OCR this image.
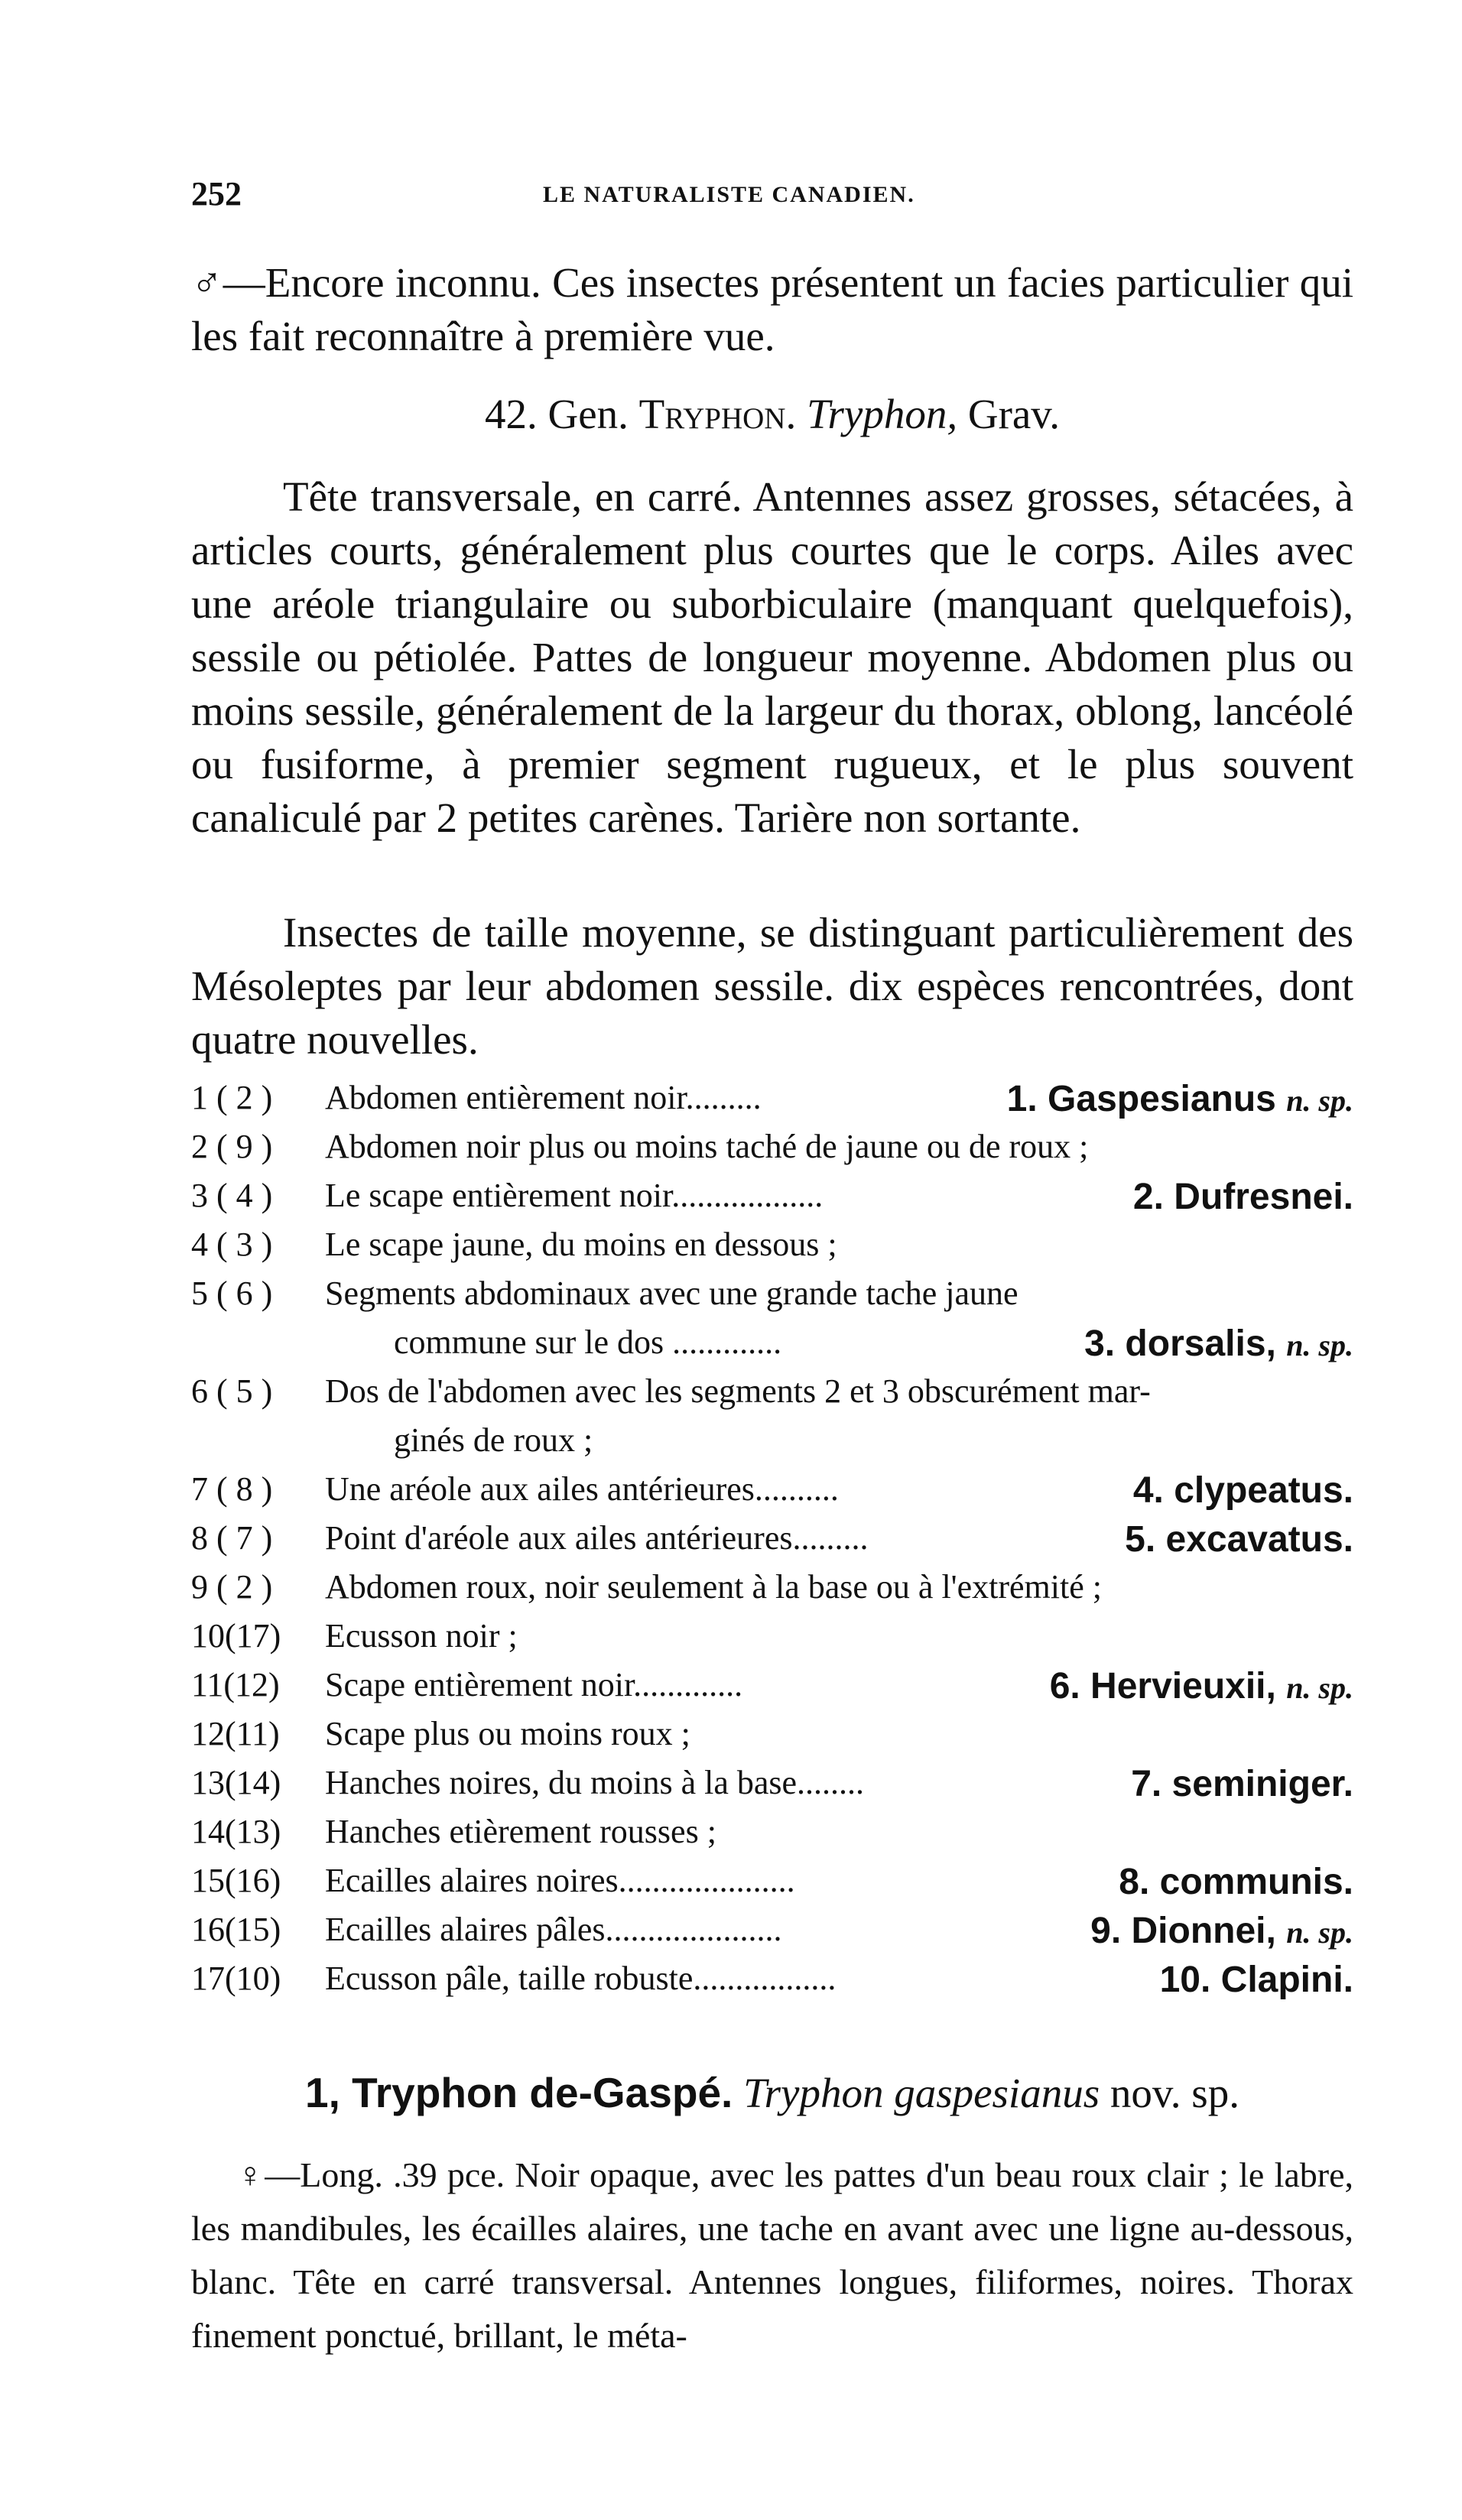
252	LE NATURALISTE CANADIEN.
♂—Encore inconnu. Ces insectes présentent un facies particulier qui les fait reconnaître à première vue.
42. Gen. Tryphon. Tryphon, Grav.
Tête transversale, en carré. Antennes assez grosses, sétacées, à articles courts, généralement plus courtes que le corps. Ailes avec une aréole triangulaire ou suborbiculaire (manquant quelquefois), sessile ou pétiolée. Pattes de longueur moyenne. Abdomen plus ou moins sessile, généralement de la largeur du thorax, oblong, lancéolé ou fusiforme, à premier segment rugueux, et le plus souvent canaliculé par 2 petites carènes. Tarière non sortante.
Insectes de taille moyenne, se distinguant particulièrement des Mésoleptes par leur abdomen sessile. dix espèces rencontrées, dont quatre nouvelles.
1 ( 2 ) Abdomen entièrement noir.........	1. Gaspesianus n. sp.
2 ( 9 ) Abdomen noir plus ou moins taché de jaune ou de roux ;
3 ( 4 ) Le scape entièrement noir..................	2. Dufresnei.
4 ( 3 ) Le scape jaune, du moins en dessous ;
5 ( 6 ) Segments abdominaux avec une grande tache jaune
commune sur le dos .............	3. dorsalis, n. sp.
6 ( 5 ) Dos de l'abdomen avec les segments 2 et 3 obscurément mar-
ginés de roux ;
7 ( 8 ) Une aréole aux ailes antérieures..........	4. clypeatus.
8 ( 7 ) Point d'aréole aux ailes antérieures.........	5. excavatus.
9 ( 2 ) Abdomen roux, noir seulement à la base ou à l'extrémité ;
10(17) Ecusson noir ;
11(12) Scape entièrement noir.............	6. Hervieuxii, n. sp.
12(11) Scape plus ou moins roux ;
13(14) Hanches noires, du moins à la base........	7. seminiger.
14(13) Hanches etièrement rousses ;
15(16) Ecailles alaires noires.....................	8. communis.
16(15) Ecailles alaires pâles.....................	9. Dionnei, n. sp.
17(10) Ecusson pâle, taille robuste.................	10. Clapini.
1, Tryphon de-Gaspé. Tryphon gaspesianus nov. sp.
♀—Long. .39 pce. Noir opaque, avec les pattes d'un beau roux clair ; le labre, les mandibules, les écailles alaires, une tache en avant avec une ligne au-dessous, blanc. Tête en carré transversal. Antennes longues, filiformes, noires. Thorax finement ponctué, brillant, le méta-
